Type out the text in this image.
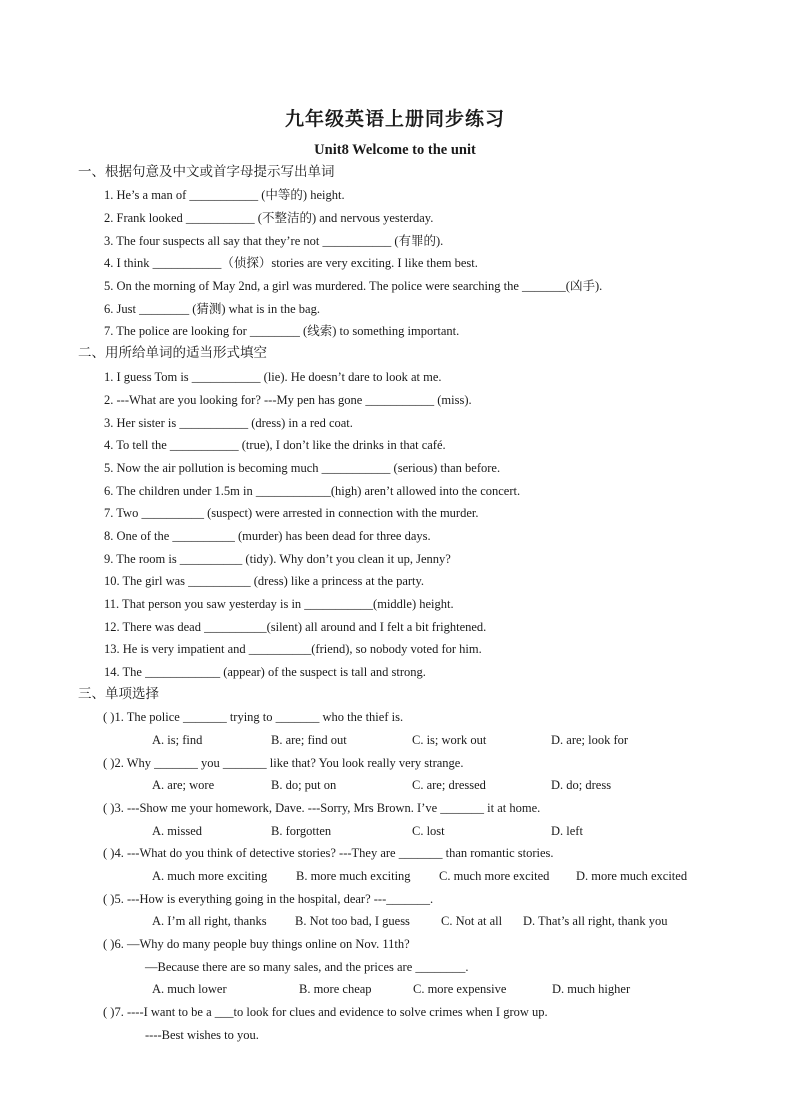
九年级英语上册同步练习
Unit8 Welcome to the unit
一、根据句意及中文或首字母提示写出单词
1. He’s a man of ___________ (中等的) height.
2. Frank looked ___________ (不整洁的) and nervous yesterday.
3. The four suspects all say that they’re not ___________ (有罪的).
4. I think ___________（侦探）stories are very exciting. I like them best.
5. On the morning of May 2nd, a girl was murdered. The police were searching the _______(凶手).
6. Just ________ (猜测) what is in the bag.
7. The police are looking for ________ (线索) to something important.
二、用所给单词的适当形式填空
1. I guess Tom is ___________ (lie). He doesn’t dare to look at me.
2. ---What are you looking for? ---My pen has gone ___________ (miss).
3. Her sister is ___________ (dress) in a red coat.
4. To tell the ___________ (true), I don’t like the drinks in that café.
5. Now the air pollution is becoming much ___________ (serious) than before.
6. The children under 1.5m in ____________(high) aren’t allowed into the concert.
7. Two __________ (suspect) were arrested in connection with the murder.
8. One of the __________ (murder) has been dead for three days.
9. The room is __________ (tidy). Why don’t you clean it up, Jenny?
10. The girl was __________ (dress) like a princess at the party.
11. That person you saw yesterday is in ___________(middle) height.
12. There was dead __________(silent) all around and I felt a bit frightened.
13. He is very impatient and __________(friend), so nobody voted for him.
14. The ____________ (appear) of the suspect is tall and strong.
三、单项选择
( )1. The police _______ trying to _______ who the thief is.
A. is; find	B. are; find out	C. is; work out	D. are; look for
( )2. Why _______ you _______ like that? You look really very strange.
A. are; wore	B. do; put on	C. are; dressed	D. do; dress
( )3. ---Show me your homework, Dave. ---Sorry, Mrs Brown. I’ve _______ it at home.
A. missed	B. forgotten	C. lost	D. left
( )4. ---What do you think of detective stories? ---They are _______ than romantic stories.
A. much more exciting B. more much exciting C. much more excited D. more much excited
( )5. ---How is everything going in the hospital, dear? ---_______.
A. I’m all right, thanks B. Not too bad, I guess C. Not at all D. That’s all right, thank you
( )6. —Why do many people buy things online on Nov. 11th?
—Because there are so many sales, and the prices are ________.
A. much lower	B. more cheap	C. more expensive	D. much higher
( )7. ----I want to be a ___to look for clues and evidence to solve crimes when I grow up.
----Best wishes to you.
